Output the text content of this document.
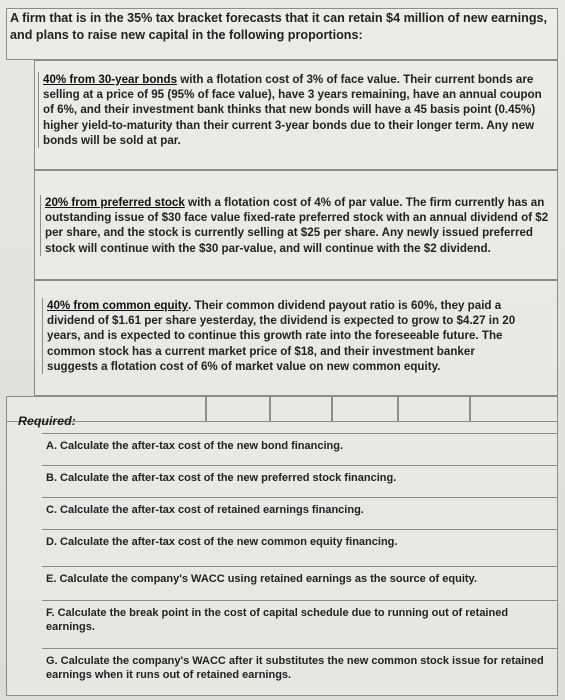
A firm that is in the 35% tax bracket forecasts that it can retain $4 million of new earnings, and plans to raise new capital in the following proportions:
40% from 30-year bonds with a flotation cost of 3% of face value. Their current bonds are selling at a price of 95 (95% of face value), have 3 years remaining, have an annual coupon of 6%, and their investment bank thinks that new bonds will have a 45 basis point (0.45%) higher yield-to-maturity than their current 3-year bonds due to their longer term. Any new bonds will be sold at par.
20% from preferred stock with a flotation cost of 4% of par value. The firm currently has an outstanding issue of $30 face value fixed-rate preferred stock with an annual dividend of $2 per share, and the stock is currently selling at $25 per share. Any newly issued preferred stock will continue with the $30 par-value, and will continue with the $2 dividend.
40% from common equity. Their common dividend payout ratio is 60%, they paid a dividend of $1.61 per share yesterday, the dividend is expected to grow to $4.27 in 20 years, and is expected to continue this growth rate into the foreseeable future. The common stock has a current market price of $18, and their investment banker suggests a flotation cost of 6% of market value on new common equity.
Required:
A. Calculate the after-tax cost of the new bond financing.
B. Calculate the after-tax cost of the new preferred stock financing.
C. Calculate the after-tax cost of retained earnings financing.
D. Calculate the after-tax cost of the new common equity financing.
E. Calculate the company's WACC using retained earnings as the source of equity.
F. Calculate the break point in the cost of capital schedule due to running out of retained earnings.
G. Calculate the company's WACC after it substitutes the new common stock issue for retained earnings when it runs out of retained earnings.
